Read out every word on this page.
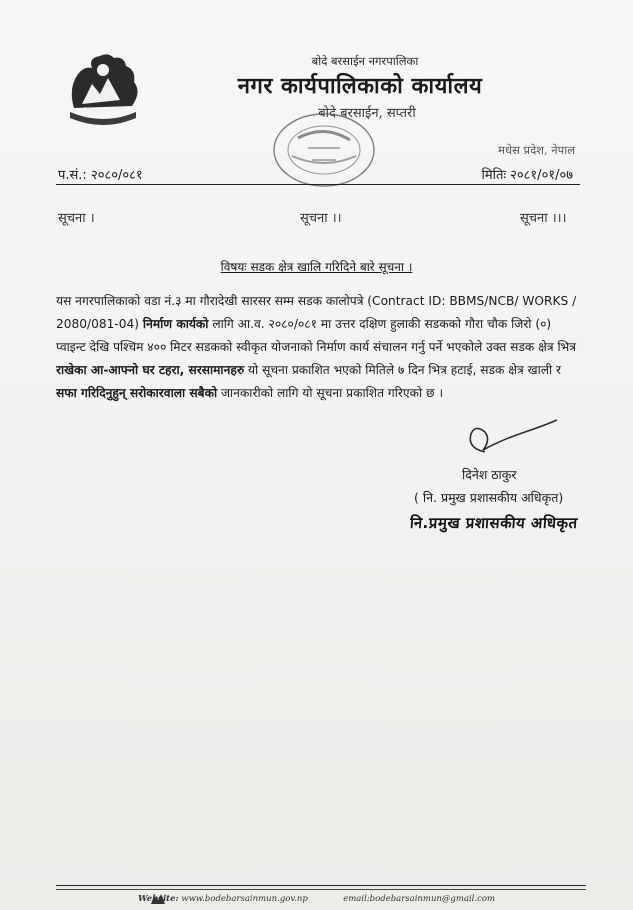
बोदे बरसाईन नगरपालिका
नगर कार्यपालिकाको कार्यालय
बोदे बरसाईन, सप्तरी
मधेस प्रदेश, नेपाल
प.सं.: २०८०/०८१	मितिः २०८१/०१/०७
सूचना ।	सूचना ।।	सूचना ।।।
विषयः सडक क्षेत्र खालि गरिदिने बारे सूचना ।
यस नगरपालिकाको वडा नं.३ मा गौरादेखी सारसर सम्म सडक कालोपत्रे (Contract ID: BBMS/NCB/ WORKS /
2080/081-04) निर्माण कार्यको लागि आ.व. २०८०/०८१ मा उत्तर दक्षिण हुलाकी सडकको गौरा चौक जिरो (०)
प्वाइन्ट देखि पश्चिम ४०० मिटर सडकको स्वीकृत योजनाको निर्माण कार्य संचालन गर्नु पर्ने भएकोले उक्त सडक क्षेत्र भित्र
राखेका आ-आफ्नो घर टहरा, सरसामानहरु यो सूचना प्रकाशित भएको मितिले ७ दिन भित्र हटाई, सडक क्षेत्र खाली र
सफा गरिदिनुहुन् सरोकारवाला सबैको जानकारीको लागि यो सूचना प्रकाशित गरिएको छ ।
दिनेश ठाकुर
( नि. प्रमुख प्रशासकीय अधिकृत)
नि.प्रमुख प्रशासकीय अधिकृत
Website: www.bodebarsainmun.gov.np	email:bodebarsainmun@gmail.com
